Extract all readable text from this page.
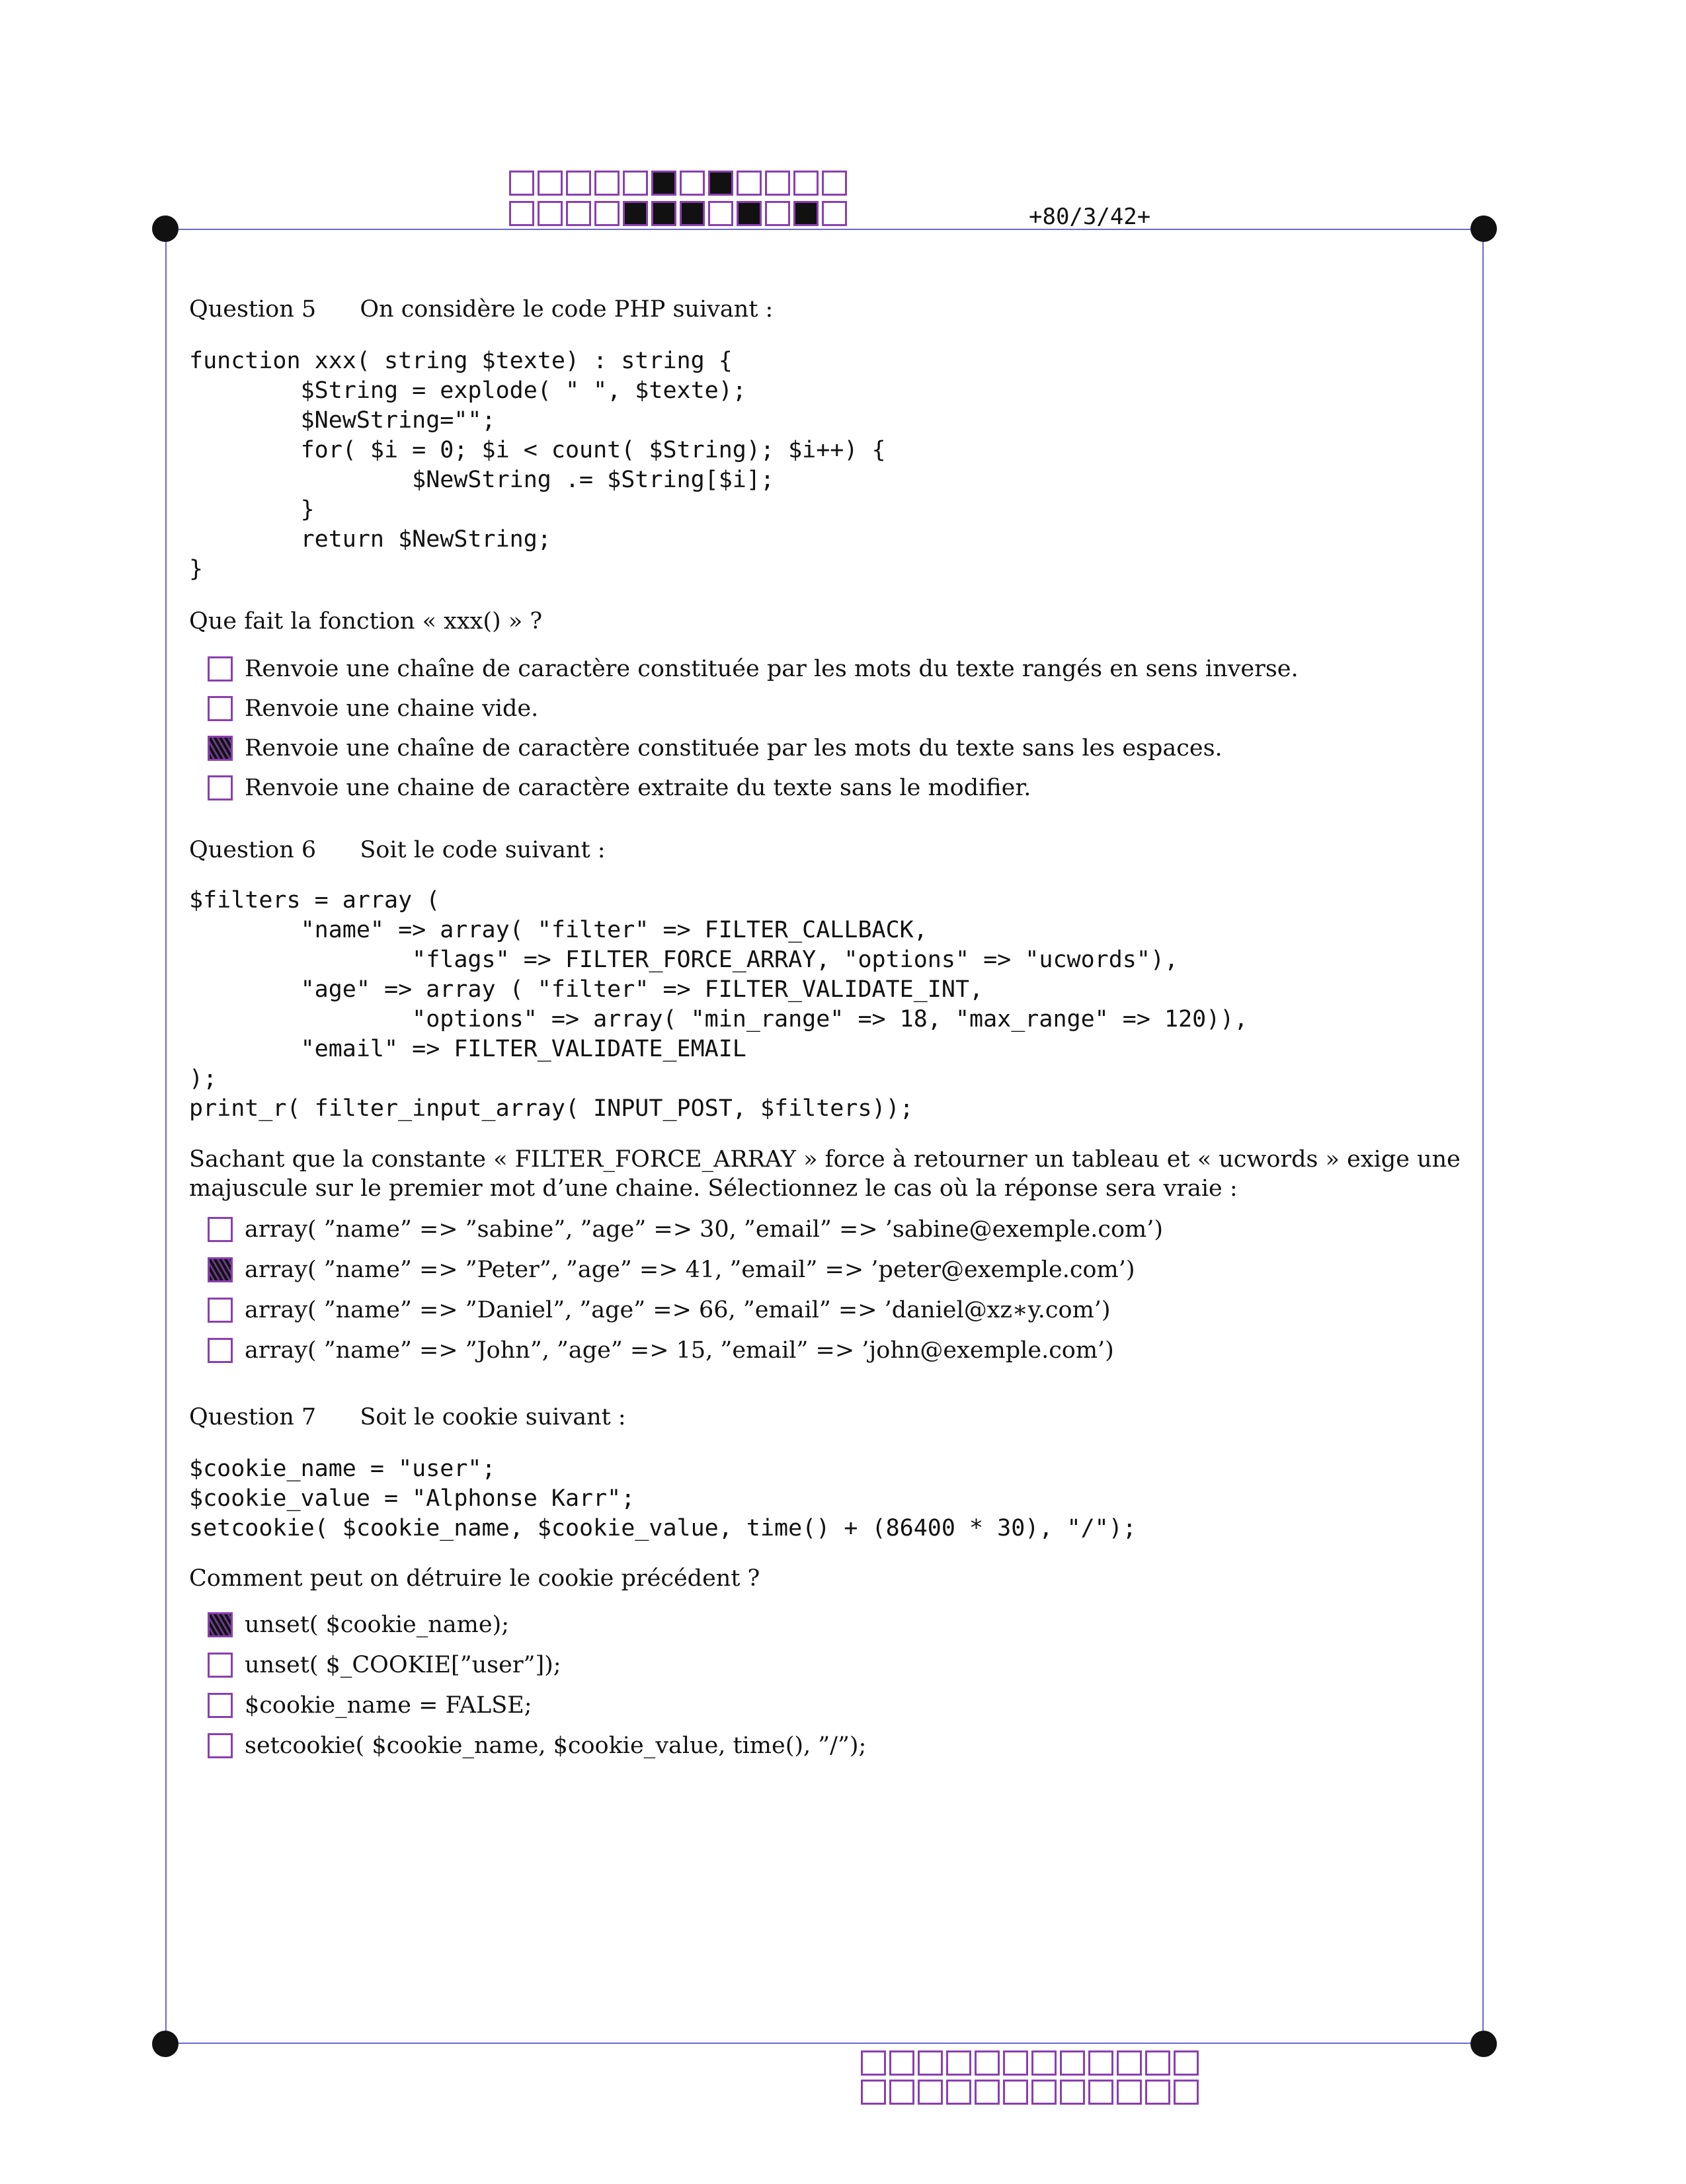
+80/3/42+
Question 5 On considère le code PHP suivant :
function xxx( string $texte) : string {
$String = explode( " ", $texte);
$NewString="";
for( $i = 0; $i < count( $String); $i++) {
$NewString .= $String[$i];
}
return $NewString;
}
Que fait la fonction « xxx() » ?
Renvoie une chaîne de caractère constituée par les mots du texte rangés en sens inverse.
Renvoie une chaine vide.
Renvoie une chaîne de caractère constituée par les mots du texte sans les espaces.
Renvoie une chaine de caractère extraite du texte sans le modifier.
Question 6 Soit le code suivant :
$filters = array (
"name" => array( "filter" => FILTER_CALLBACK,
"flags" => FILTER_FORCE_ARRAY, "options" => "ucwords"),
"age" => array ( "filter" => FILTER_VALIDATE_INT,
"options" => array( "min_range" => 18, "max_range" => 120)),
"email" => FILTER_VALIDATE_EMAIL
);
print_r( filter_input_array( INPUT_POST, $filters));
Sachant que la constante « FILTER_FORCE_ARRAY » force à retourner un tableau et « ucwords » exige une majuscule sur le premier mot d’une chaine. Sélectionnez le cas où la réponse sera vraie :
array( ”name” => ”sabine”, ”age” => 30, ”email” => ’sabine@exemple.com’)
array( ”name” => ”Peter”, ”age” => 41, ”email” => ’peter@exemple.com’)
array( ”name” => ”Daniel”, ”age” => 66, ”email” => ’daniel@xz∗y.com’)
array( ”name” => ”John”, ”age” => 15, ”email” => ’john@exemple.com’)
Question 7 Soit le cookie suivant :
$cookie_name = "user";
$cookie_value = "Alphonse Karr";
setcookie( $cookie_name, $cookie_value, time() + (86400 * 30), "/");
Comment peut on détruire le cookie précédent ?
unset( $cookie_name);
unset( $_COOKIE[”user”]);
$cookie_name = FALSE;
setcookie( $cookie_name, $cookie_value, time(), ”/”);
